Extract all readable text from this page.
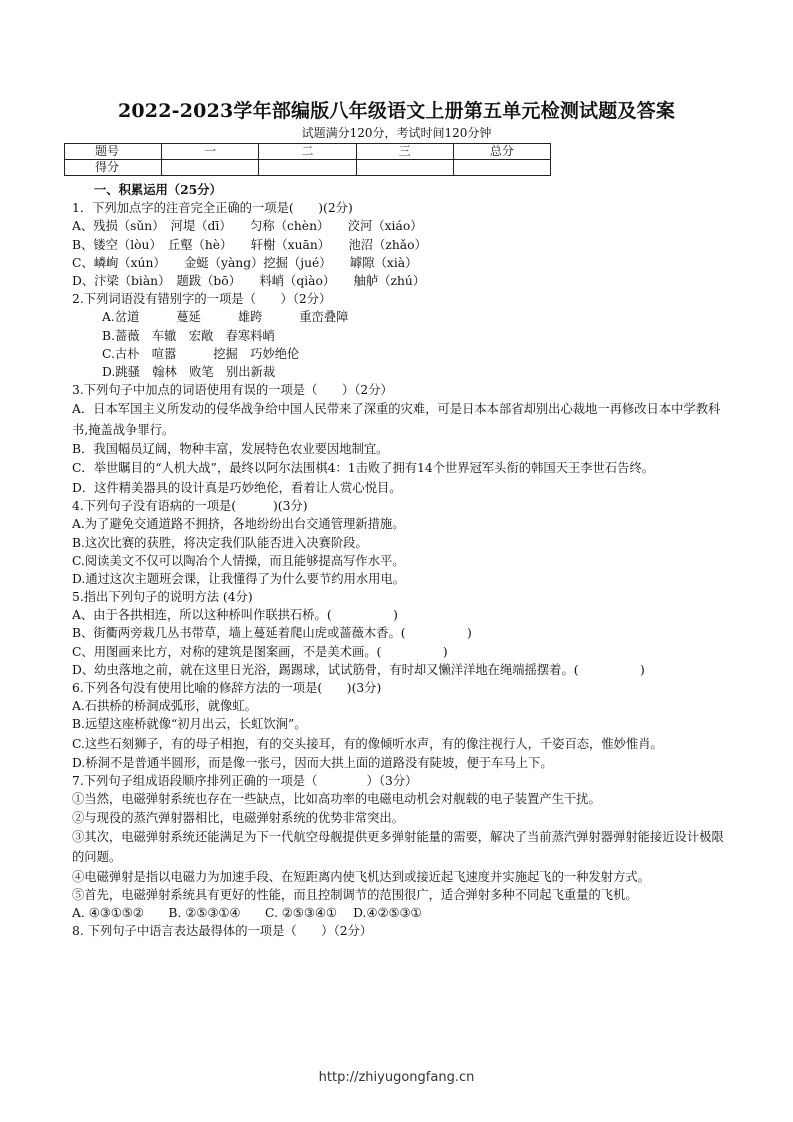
2022-2023学年部编版八年级语文上册第五单元检测试题及答案
试题满分120分，考试时间120分钟
题号	一	二	三	总分
得分				
一、积累运用（25分）
1．下列加点字的注音完全正确的一项是(　　)(2分)
A、残损（sǔn）　河堤（dī）　　匀称（chèn）　　洨河（xiáo）
B、镂空（lòu）　丘壑（hè）　　轩榭（xuān）　　池沼（zhǎo）
C、嶙峋（xún）　　金蜓（yàng）挖掘（jué）　　罅隙（xià）
D、汴梁（biàn）　题跋（bō）　　料峭（qiào）　　舳舻（zhú）
2.下列词语没有错别字的一项是（　　）（2分）
A.岔道　　　蔓延　　　雄跨　　　重峦叠障
B.蔷薇　车辙　宏敞　春寒料峭
C.古朴　喧嚣　　　挖掘　巧妙绝伦
D.跳骚　翰林　败笔　别出新裁
3.下列句子中加点的词语使用有误的一项是（　　）（2分）
A．日本军国主义所发动的侵华战争给中国人民带来了深重的灾难，可是日本本部省却别出心裁地一再修改日本中学教科书,掩盖战争罪行。
B．我国幅员辽阔，物种丰富，发展特色农业要因地制宜。
C．举世瞩目的“人机大战”，最终以阿尔法围棋4：1击败了拥有14个世界冠军头衔的韩国天王李世石告终。
D．这件精美器具的设计真是巧妙绝伦，看着让人赏心悦目。
4.下列句子没有语病的一项是(　　　)(3分)
A.为了避免交通道路不拥挤，各地纷纷出台交通管理新措施。
B.这次比赛的获胜，将决定我们队能否进入决赛阶段。
C.阅读美文不仅可以陶冶个人情操，而且能够提高写作水平。
D.通过这次主题班会课，让我懂得了为什么要节约用水用电。
5.指出下列句子的说明方法 (4分)
A、由于各拱相连，所以这种桥叫作联拱石桥。(　　　　　)
B、街衢两旁栽几丛书带草，墙上蔓延着爬山虎或蔷薇木香。(　　　　　)
C、用图画来比方，对称的建筑是图案画，不是美术画。(　　　　　)
D、幼虫落地之前，就在这里日光浴，踢踢球，试试筋骨，有时却又懒洋洋地在绳端摇摆着。(　　　　　)
6.下列各句没有使用比喻的修辞方法的一项是(　　)(3分)
A.石拱桥的桥洞成弧形，就像虹。
B.远望这座桥就像“初月出云，长虹饮涧”。
C.这些石刻狮子，有的母子相抱，有的交头接耳，有的像倾听水声，有的像注视行人，千姿百态，惟妙惟肖。
D.桥洞不是普通半圆形，而是像一张弓，因而大拱上面的道路没有陡坡，便于车马上下。
7.下列句子组成语段顺序排列正确的一项是（　　　　）（3分）
①当然，电磁弹射系统也存在一些缺点，比如高功率的电磁电动机会对舰载的电子装置产生干扰。
②与现役的蒸汽弹射器相比，电磁弹射系统的优势非常突出。
③其次，电磁弹射系统还能满足为下一代航空母舰提供更多弹射能量的需要，解决了当前蒸汽弹射器弹射能接近设计极限的问题。
④电磁弹射是指以电磁力为加速手段、在短距离内使飞机达到或接近起飞速度并实施起飞的一种发射方式。
⑤首先，电磁弹射系统具有更好的性能，而且控制调节的范围很广，适合弹射多种不同起飞重量的飞机。
A. ④③①⑤②　　B. ②⑤③①④　　C. ②⑤③④①　 D.④②⑤③①
8. 下列句子中语言表达最得体的一项是（　　）（2分）
http://zhiyugongfang.cn
